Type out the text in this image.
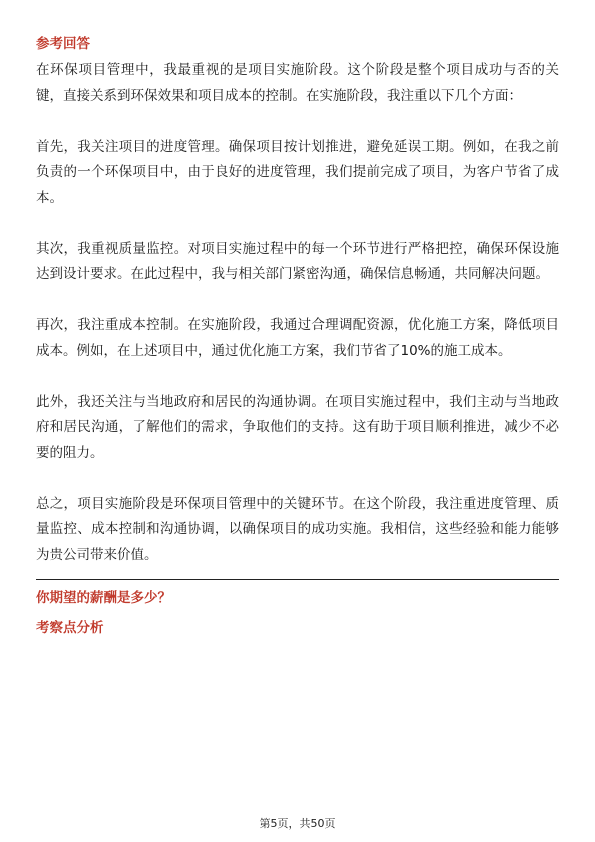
参考回答

在环保项目管理中，我最重视的是项目实施阶段。这个阶段是整个项目成功与否的关键，直接关系到环保效果和项目成本的控制。在实施阶段，我注重以下几个方面：

首先，我关注项目的进度管理。确保项目按计划推进，避免延误工期。例如，在我之前负责的一个环保项目中，由于良好的进度管理，我们提前完成了项目，为客户节省了成本。

其次，我重视质量监控。对项目实施过程中的每一个环节进行严格把控，确保环保设施达到设计要求。在此过程中，我与相关部门紧密沟通，确保信息畅通，共同解决问题。

再次，我注重成本控制。在实施阶段，我通过合理调配资源，优化施工方案，降低项目成本。例如，在上述项目中，通过优化施工方案，我们节省了10%的施工成本。

此外，我还关注与当地政府和居民的沟通协调。在项目实施过程中，我们主动与当地政府和居民沟通，了解他们的需求，争取他们的支持。这有助于项目顺利推进，减少不必要的阻力。

总之，项目实施阶段是环保项目管理中的关键环节。在这个阶段，我注重进度管理、质量监控、成本控制和沟通协调，以确保项目的成功实施。我相信，这些经验和能力能够为贵公司带来价值。

你期望的薪酬是多少？
考察点分析
第5页，共50页
